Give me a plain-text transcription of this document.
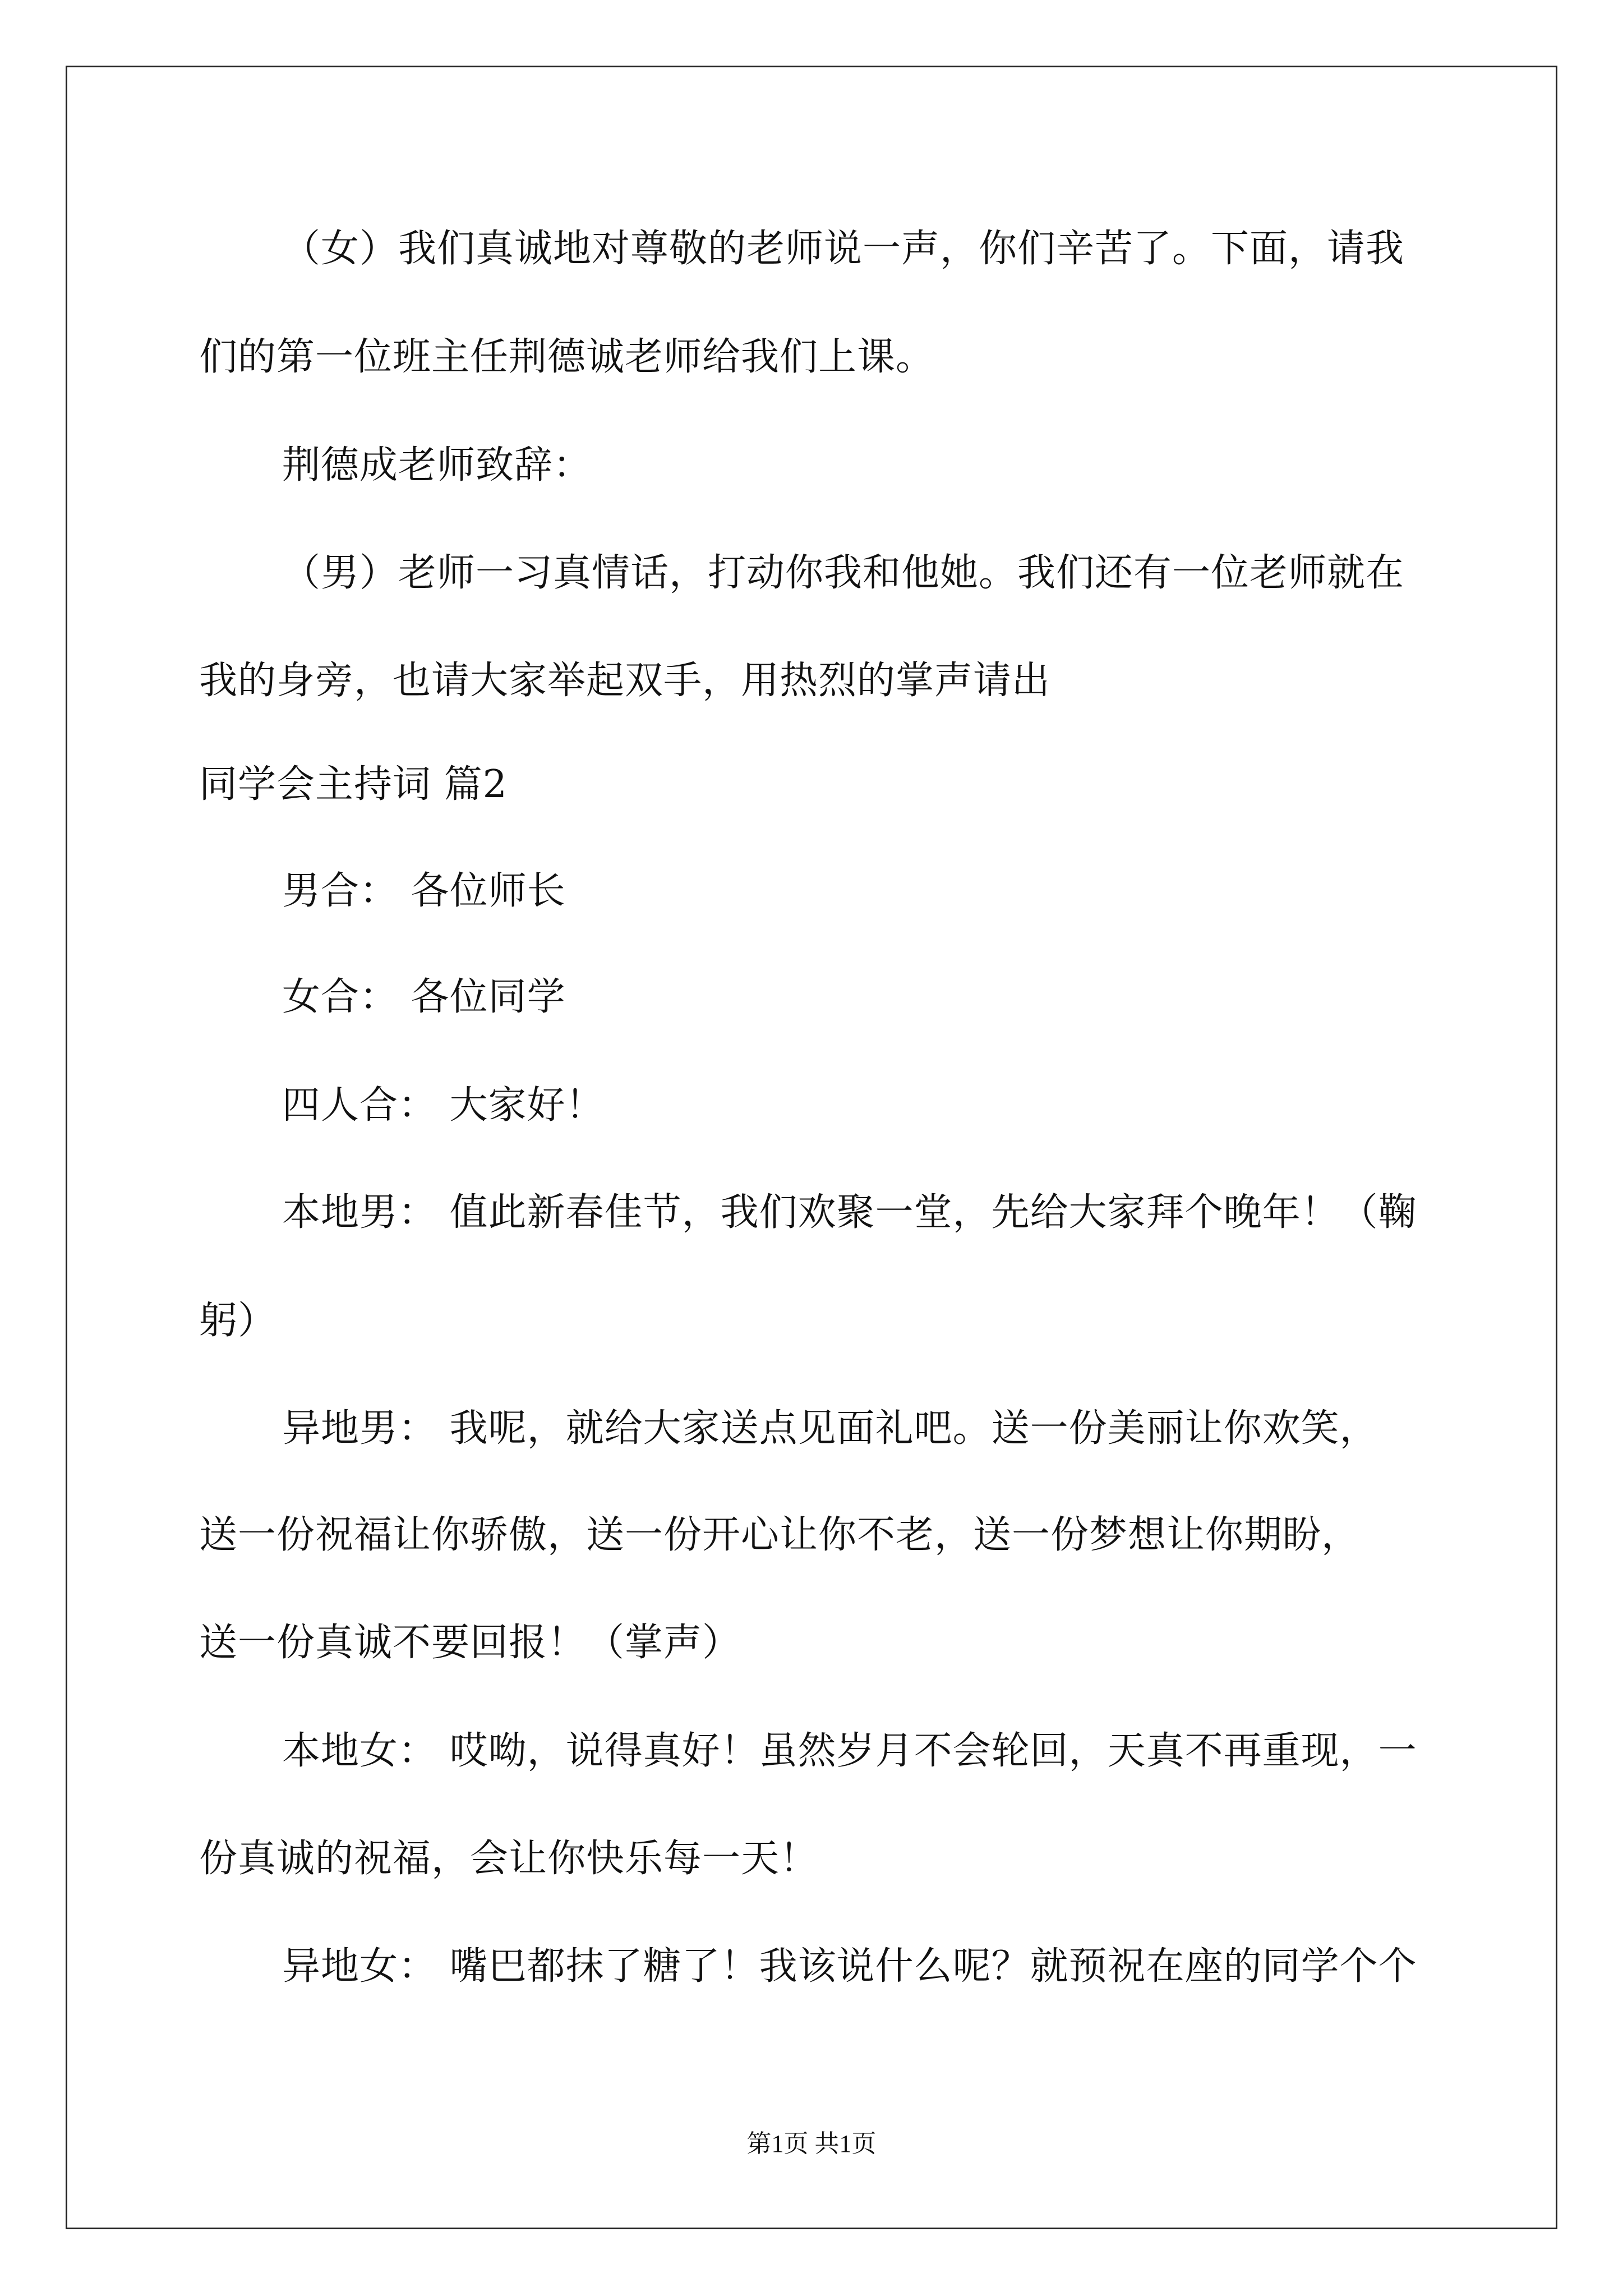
（女）我们真诚地对尊敬的老师说一声，你们辛苦了。下面，请我
们的第一位班主任荆德诚老师给我们上课。
荆德成老师致辞：
（男）老师一习真情话，打动你我和他她。我们还有一位老师就在
我的身旁，也请大家举起双手，用热烈的掌声请出
同学会主持词 篇2
男合： 各位师长
女合： 各位同学
四人合： 大家好！
本地男： 值此新春佳节，我们欢聚一堂，先给大家拜个晚年！（鞠
躬）
异地男： 我呢，就给大家送点见面礼吧。送一份美丽让你欢笑，
送一份祝福让你骄傲，送一份开心让你不老，送一份梦想让你期盼，
送一份真诚不要回报！（掌声）
本地女： 哎呦，说得真好！虽然岁月不会轮回，天真不再重现，一
份真诚的祝福，会让你快乐每一天！
异地女： 嘴巴都抹了糖了！我该说什么呢？就预祝在座的同学个个
第1页 共1页
